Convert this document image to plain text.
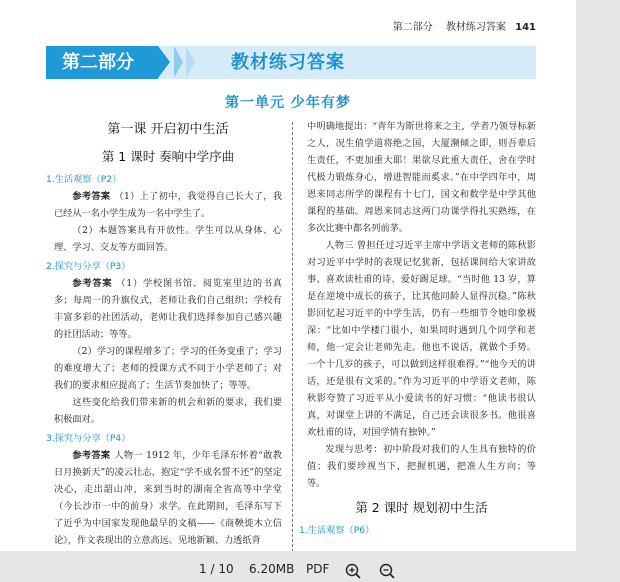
第二部分 教材练习答案 141
第二部分	教材练习答案
第一单元 少年有梦
第一课 开启初中生活
第 1 课时 奏响中学序曲
1.生活观察（P2）

参考答案 （1）上了初中，我觉得自己长大了，我已经从一名小学生成为一名中学生了。

（2）本题答案具有开放性。学生可以从身体、心理、学习、交友等方面回答。

2.探究与分享（P3）

参考答案 （1）学校图书馆、阅览室里边的书真多；每周一的升旗仪式，老师让我们自己组织；学校有丰富多彩的社团活动，老师让我们选择参加自己感兴趣的社团活动；等等。

（2）学习的课程增多了；学习的任务变重了；学习的难度增大了；老师的授课方式不同于小学老师了；对我们的要求相应提高了；生活节奏加快了；等等。

这些变化给我们带来新的机会和新的要求，我们要积极面对。

3.探究与分享（P4）

参考答案 人物一 1912 年，少年毛泽东怀着“敢教日月换新天”的凌云壮志，抱定“学不成名誓不还”的坚定决心，走出韶山冲，来到当时的湖南全省高等中学堂（今长沙市一中的前身）求学。在此期间，毛泽东写下了近乎为中国家发现他最早的文稿——《商鞅徙木立信论》，作文表现出的立意高远、见地新颖、力透纸背

中明确地提出：“青年为斯世将来之主，学者乃领导标新之人，况生值学道将绝之国，大厦濒倾之即，则吾辈后生责任，不更加重大耶！果欲尽此重大责任，舍在学时代极力锻炼身心，增进智能而奚求。”在中学四年中，周恩来同志所学的课程有十七门，国文和数学是中学其他课程的基础。周恩来同志这两门功课学得扎实熟练，在多次比赛中都名列前茅。

人物三 曾担任过习近平主席中学语文老师的陈秋影对习近平中学时的表现记忆犹新，包括课间给大家讲故事、喜欢读杜甫的诗、爱好踢足球。“当时他 13 岁，算是在逆境中成长的孩子，比其他同龄人显得沉稳。”陈秋影回忆起习近平的中学生活，仍有一些细节令她印象极深：“比如中学楼门很小，如果同时遇到几个同学和老师，他一定会让老师先走。他也不说话，就做个手势。一个十几岁的孩子，可以做到这样很难得。”“他今天的讲话，还是很有文采的。”作为习近平的中学语文老师，陈秋影夸赞了习近平从小爱读书的好习惯：“他读书很认真，对课堂上讲的不满足，自己还会读很多书。他很喜欢杜甫的诗，对国学情有独钟。”

发现与思考：初中阶段对我们的人生具有独特的价值；我们要珍视当下，把握机遇，把准人生方向；等等。

第 2 课时 规划初中生活
1.生活观察（P6）
1 / 10 6.20MB PDF
